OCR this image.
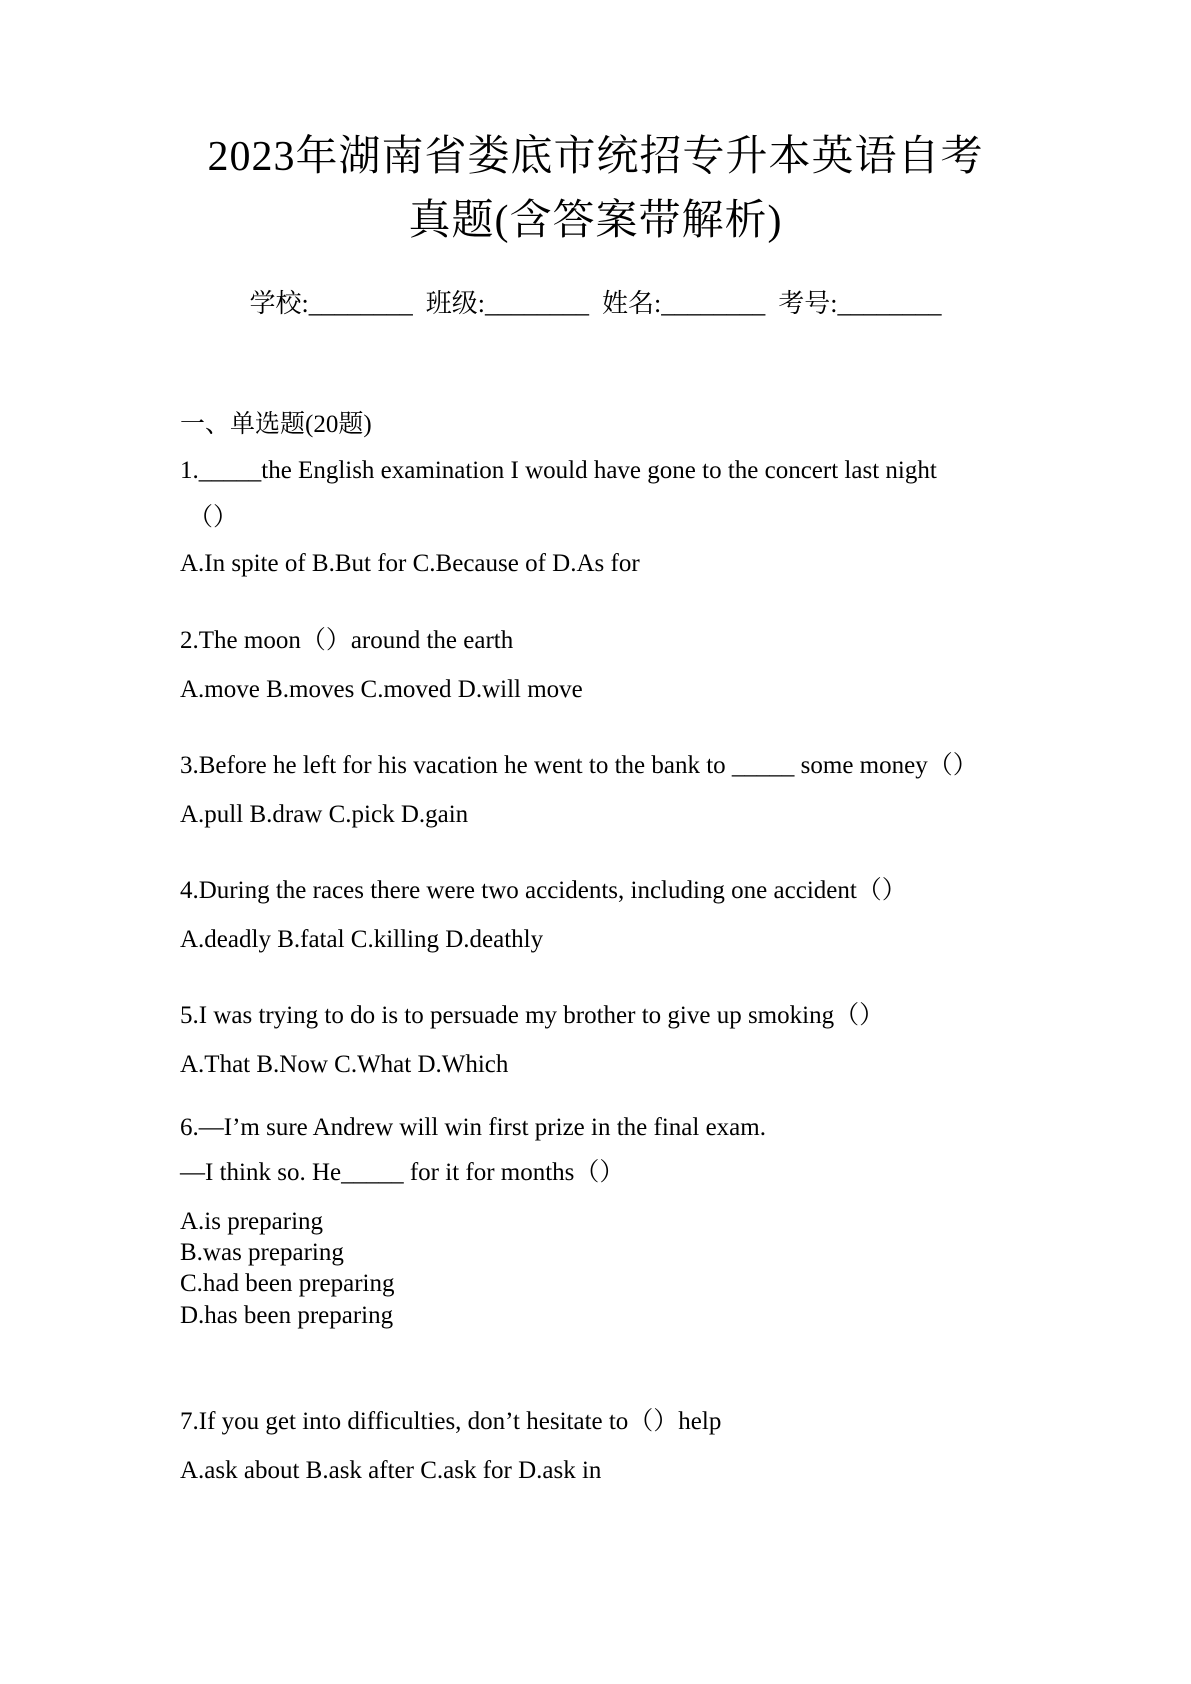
2023年湖南省娄底市统招专升本英语自考
真题(含答案带解析)
学校:________  班级:________  姓名:________  考号:________
一、单选题(20题)
1._____the English examination I would have gone to the concert last night
（）
A.In spite of B.But for C.Because of D.As for
2.The moon（）around the earth
A.move B.moves C.moved D.will move
3.Before he left for his vacation he went to the bank to _____ some money（）
A.pull B.draw C.pick D.gain
4.During the races there were two accidents, including one accident（）
A.deadly B.fatal C.killing D.deathly
5.I was trying to do is to persuade my brother to give up smoking（）
A.That B.Now C.What D.Which
6.—I’m sure Andrew will win first prize in the final exam.
—I think so. He_____ for it for months（）
A.is preparing
B.was preparing
C.had been preparing
D.has been preparing
7.If you get into difficulties, don’t hesitate to（）help
A.ask about B.ask after C.ask for D.ask in
